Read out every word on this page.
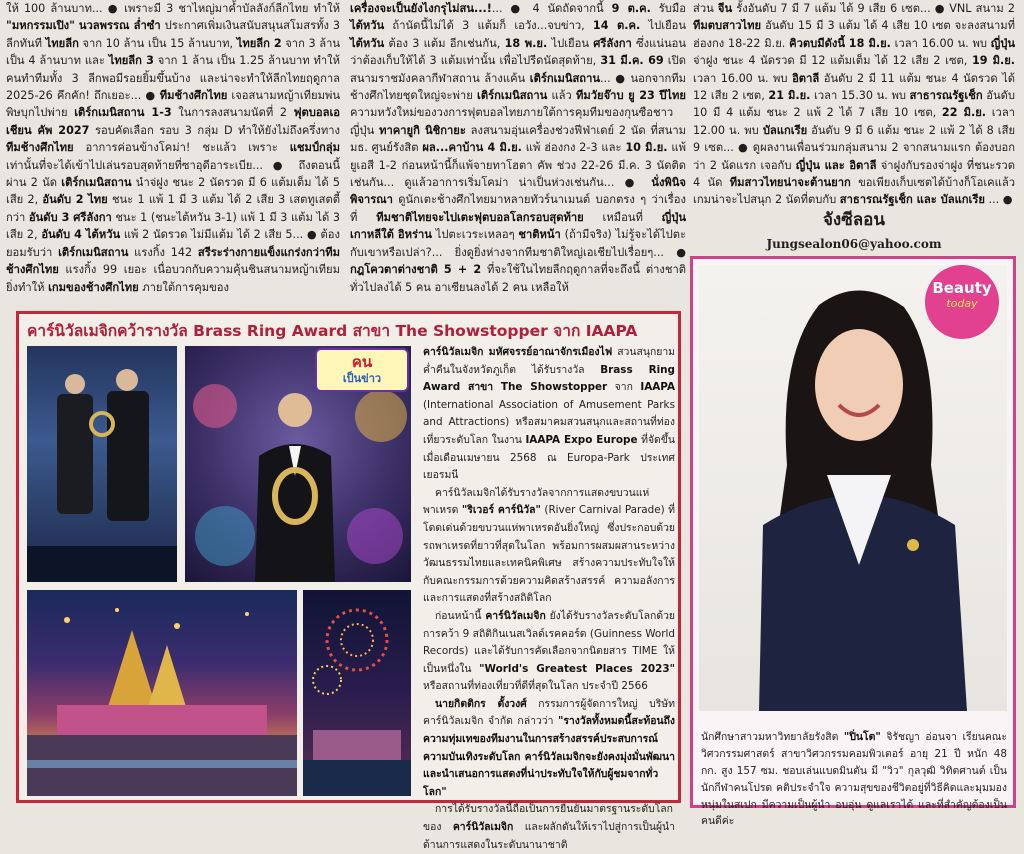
ให้ 100 ล้านบาท... ● เพราะมี 3 ชาไหญ่มาค้ำบัลลังก์ลีกไทย ทำให้ "มหกรรมเปิง" นวลพรรณ ล่ำซำ ประกาศเพิ่มเงินสนับสนุนสโมสรทั้ง 3 ลีกทันที ไทยลีก จาก 10 ล้าน เป็น 15 ล้านบาท, ไทยลีก 2 จาก 3 ล้าน เป็น 4 ล้านบาท และ ไทยลีก 3 จาก 1 ล้าน เป็น 1.25 ล้านบาท ทำให้คนทำทีมทั้ง 3 ลีกพอมีรอยยิ้มขึ้นบ้าง และน่าจะทำให้ลีกไทยฤดูกาล 2025-26 คึกคัก! ถึกเยอะ... ● ทีมช้างศึกไทย เจอสนามหญ้าเทียมพ่นพิษบุกไปพ่าย เติร์กเมนิสถาน 1-3 ในการลงสนามนัดที่ 2 ฟุตบอลเอเชียน คัพ 2027 รอบคัดเลือก รอบ 3 กลุ่ม D ทำให้ยังไม่ถึงครึ่งทาง ทีมช้างศึกไทย อาการค่อนข้างโคม่า! ชะแล้ว เพราะ แชมป์กลุ่ม เท่านั้นที่จะได้เข้าไปเล่นรอบสุดท้ายที่ซาอุดีอาระเบีย... ● ถึงตอนนี้ผ่าน 2 นัด เติร์กเมนิสถาน นำจ่ฝูง ชนะ 2 นัดรวด มี 6 แต้มเต็ม ได้ 5 เสีย 2, อันดับ 2 ไทย ชนะ 1 แพ้ 1 มี 3 แต้ม ได้ 2 เสีย 3 เสตทูเสตตี้กว่า อันดับ 3 ศรีลังกา ชนะ 1 (ชนะไต้หวัน 3-1) แพ้ 1 มี 3 แต้ม ได้ 3 เสีย 2, อันดับ 4 ไต้หวัน แพ้ 2 นัดรวด ไม่มีแต้ม ได้ 2 เสีย 5... ● ต้องยอมรับว่า เติร์กเมนิสถาน แรงกิ้ง 142 สรีระร่างกายแข็งแกร่งกว่าทีมช้างศึกไทย แรงกิ้ง 99 เยอะ เนื่อบวกกับความคุ้นชินสนามหญ้าเทียม ยิ่งทำให้ เกมของช้างศึกไทย ภายใต้การคุมของ

เครื่องจะเป็นยังไงกรุไม่สน...!... ● 4 นัดถัดจากนี้ 9 ต.ค. รับมือ ไต้หวัน ถ้านัดนี้ไม่ได้ 3 แต้มก็ เอวัง...จบข่าว, 14 ต.ค. ไปเยือน ไต้หวัน ต้อง 3 แต้ม อีกเช่นกัน, 18 พ.ย. ไปเยือน ศรีลังกา ซึ่งแน่นอนว่าต้องเก็บให้ได้ 3 แต้มเท่านั้น เพื่อไปรีดนัดสุดท้าย, 31 มี.ค. 69 เปิดสนามราชมังคลากีฬาสถาน ล้างแค้น เติร์กเมนิสถาน... ● นอกจากทีมช้างศึกไทยชุดใหญ่จะพ่าย เติร์กเมนิสถาน แล้ว ทีมวัยจ๊าบ ยู 23 ปีไทย ความหวังใหม่ของวงการฟุตบอลไทยภายใต้การคุมทีมของกุนซือชาวญี่ปุ่น ทาคายูกิ นิชิกายะ ลงสนามอุ่นเครื่องช่วงฟีฟ่าเดย์ 2 นัด ที่สนาม มธ. ศูนย์รังสิต ผล...คาบ้าน 4 มิ.ย. แพ้ ฮ่องกง 2-3 และ 10 มิ.ย. แพ้ ยูเอสี 1-2 ก่อนหน้านี้ก็แพ้จายทาโฮตา คัพ ช่วง 22-26 มี.ค. 3 นัดติด เช่นกัน... ดูแล้วอาการเริ่มโคม่า น่าเป็นห่วงเช่นกัน... ● นั่งพินิจพิจารณา ดูนักเตะช้างศึกไทยมาหลายทัวร์นาเมนต์ บอกตรง ๆ ว่าเรื่องที่ ทีมชาติไทยจะไปเตะฟุตบอลโลกรอบสุดท้าย เหมือนที่ ญี่ปุ่น เกาหลีใต้ อิหร่าน ไปตะเวระเหลอๆ ชาติหน้า (ถ้ามีจริง) ไม่รู้จะได้ไปตะกับเขาหรือเปล่า?... ยิ่งดูยิ่งห่างจากทีมชาติใหญ่เอเชียไปเรื่อยๆ... ● กฎโควตาต่างชาติ 5 + 2 ที่จะใช้ในไทยลีกฤดูกาลที่จะถึงนี้ ต่างชาติทั่วไปลงได้ 5 คน อาเซียนลงได้ 2 คน เหลือให้

ส่วน จีน รั้งอันดับ 7 มี 7 แต้ม ได้ 9 เสีย 6 เซต... ● VNL สนาม 2 ทีมตบสาวไทย อันดับ 15 มี 3 แต้ม ได้ 4 เสีย 10 เซต จะลงสนามที่ฮ่องกง 18-22 มิ.ย. คิวตบมีดังนี้ 18 มิ.ย. เวลา 16.00 น. พบ ญี่ปุ่น จ่าฝูง ชนะ 4 นัดรวด มี 12 แต้มเต็ม ได้ 12 เสีย 2 เซต, 19 มิ.ย. เวลา 16.00 น. พบ อิตาลี อันดับ 2 มี 11 แต้ม ชนะ 4 นัดรวด ได้ 12 เสีย 2 เซต, 21 มิ.ย. เวลา 15.30 น. พบ สาธารณรัฐเช็ก อันดับ 10 มี 4 แต้ม ชนะ 2 แพ้ 2 ได้ 7 เสีย 10 เซต, 22 มิ.ย. เวลา 12.00 น. พบ บัลแกเรีย อันดับ 9 มี 6 แต้ม ชนะ 2 แพ้ 2 ได้ 8 เสีย 9 เซต... ● ดูผลงานเพื่อนร่วมกลุ่มสนาม 2 จากสนามแรก ต้องบอกว่า 2 นัดแรก เจอกับ ญี่ปุ่น และ อิตาลี จ่าฝูงกับรองจ่าฝูง ที่ชนะรวด 4 นัด ทีมสาวไทยน่าจะต้านยาก ขอเพียงเก็บเซตได้บ้างก็โอเคแล้ว เกมน่าจะไปสนุก 2 นัดที่ตบกับ สาธารณรัฐเช็ก และ บัลแกเรีย ... ●

จังซีลอน
Jungsealon06@yahoo.com
คาร์นิวัลเมจิกคว้ารางวัล Brass Ring Award สาขา The Showstopper จาก IAAPA
คน
เป็นข่าว

คาร์นิวัลเมจิก มหัศจรรย์อาณาจักรเมืองไฟ สวนสนุกยามค่ำคืนในจังหวัดภูเก็ต ได้รับรางวัล Brass Ring Award สาขา The Showstopper จาก IAAPA (International Association of Amusement Parks and Attractions) หรือสมาคมสวนสนุกและสถานที่ท่องเที่ยวระดับโลก ในงาน IAAPA Expo Europe ที่จัดขึ้นเมื่อเดือนเมษายน 2568 ณ Europa-Park ประเทศเยอรมนี

คาร์นิวัลเมจิกได้รับรางวัลจากการแสดงขบวนแห่พาเหรด "ริเวอร์ คาร์นิวัล" (River Carnival Parade) ที่โดดเด่นด้วยขบวนแห่พาเหรดอันยิ่งใหญ่ ซึ่งประกอบด้วยรถพาเหรดที่ยาวที่สุดในโลก พร้อมการผสมผสานระหว่างวัฒนธรรมไทยและเทคนิคพิเศษ สร้างความประทับใจให้กับคณะกรรมการด้วยความคิดสร้างสรรค์ ความอลังการ และการแสดงที่สร้างสถิติโลก

ก่อนหน้านี้ คาร์นิวัลเมจิก ยังได้รับรางวัลระดับโลกด้วยการคว้า 9 สถิติกินเนสเวิลด์เรคคอร์ด (Guinness World Records) และได้รับการคัดเลือกจากนิตยสาร TIME ให้เป็นหนึ่งใน "World's Greatest Places 2023" หรือสถานที่ท่องเที่ยวที่ดีที่สุดในโลก ประจำปี 2566

นายกิตติกร ตั้งวงศ์ กรรมการผู้จัดการใหญ่ บริษัทคาร์นิวัลเมจิก จำกัด กล่าวว่า "รางวัลทั้งหมดนี้สะท้อนถึงความทุ่มเทของทีมงานในการสร้างสรรค์ประสบการณ์ความบันเทิงระดับโลก คาร์นิวัลเมจิกจะยังคงมุ่งมั่นพัฒนาและนำเสนอการแสดงที่น่าประทับใจให้กับผู้ชมจากทั่วโลก"

การได้รับรางวัลนี้ถือเป็นการยืนยันมาตรฐานระดับโลกของ คาร์นิวัลเมจิก และผลักดันให้เราไปสู่การเป็นผู้นำด้านการแสดงในระดับนานาชาติ

Beauty
today

นักศึกษาสาวมหาวิทยาลัยรังสิต "ปิ่นโต" จิรัชญา อ่อนจา เรียนคณะวิศวกรรมศาสตร์ สาขาวิศวกรรมคอมพิวเตอร์ อายุ 21 ปี หนัก 48 กก. สูง 157 ซม. ชอบเล่นแบดมินตัน มี "วิว" กุลวุฒิ วิทิตศานต์ เป็นนักกีฬาคนโปรด คติประจำใจ ความสุขของชีวิตอยู่ที่วิธีคิดและมุมมอง หนุ่มในสเปก มีความเป็นผู้นำ อบอุ่น ดูแลเราได้ และที่สำคัญต้องเป็นคนดีค่ะ
